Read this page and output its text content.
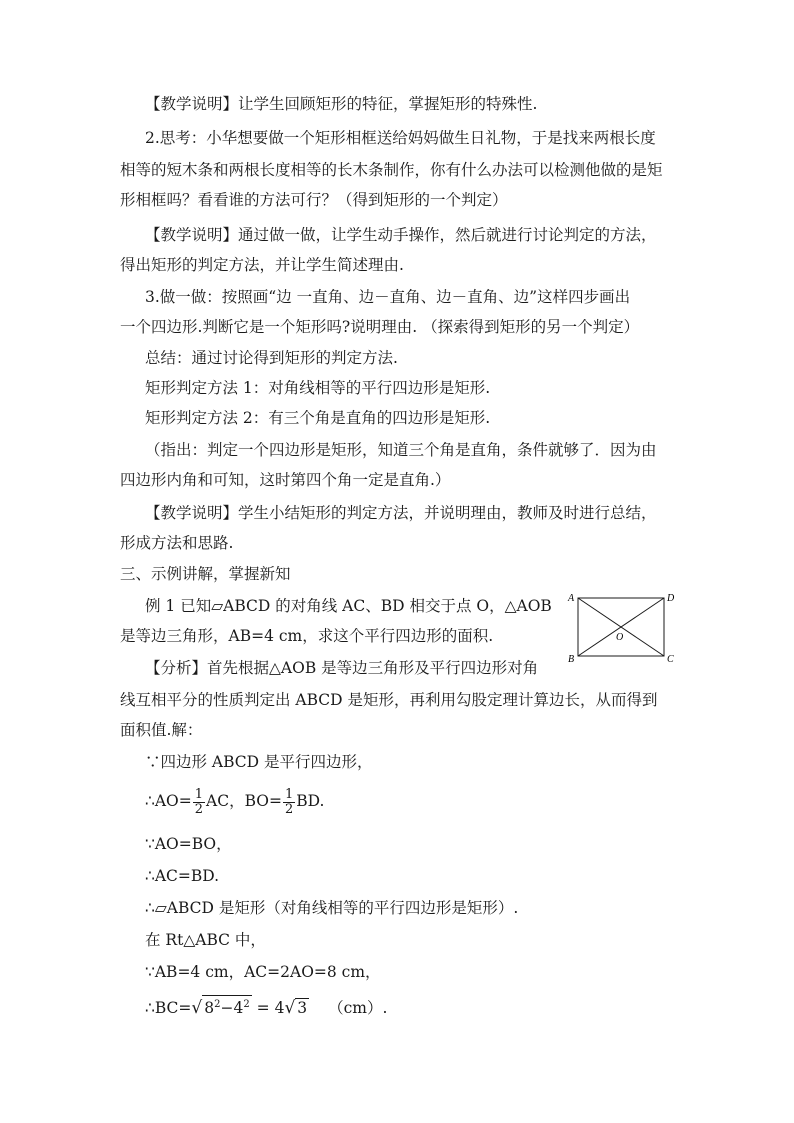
【教学说明】让学生回顾矩形的特征，掌握矩形的特殊性.
2.思考：小华想要做一个矩形相框送给妈妈做生日礼物，于是找来两根长度
相等的短木条和两根长度相等的长木条制作，你有什么办法可以检测他做的是矩
形相框吗？看看谁的方法可行？（得到矩形的一个判定）
【教学说明】通过做一做，让学生动手操作，然后就进行讨论判定的方法，
得出矩形的判定方法，并让学生简述理由.
3.做一做：按照画“边 一直角、边－直角、边－直角、边”这样四步画出
一个四边形.判断它是一个矩形吗?说明理由. （探索得到矩形的另一个判定）
总结：通过讨论得到矩形的判定方法.
矩形判定方法 1：对角线相等的平行四边形是矩形.
矩形判定方法 2：有三个角是直角的四边形是矩形.
（指出：判定一个四边形是矩形，知道三个角是直角，条件就够了．因为由
四边形内角和可知，这时第四个角一定是直角.）
【教学说明】学生小结矩形的判定方法，并说明理由，教师及时进行总结，
形成方法和思路.
三、示例讲解，掌握新知
例 1 已知▱ABCD 的对角线 AC、BD 相交于点 O，△AOB
是等边三角形，AB=4 cm，求这个平行四边形的面积.
【分析】首先根据△AOB 是等边三角形及平行四边形对角
线互相平分的性质判定出 ABCD 是矩形，再利用勾股定理计算边长，从而得到
面积值.解：
∵四边形 ABCD 是平行四边形，
∴AO= $\frac{1}{2}$ AC，$BO= \frac{1}{2}$ BD.
∵AO=BO，
∴AC=BD.
∴▱ABCD 是矩形（对角线相等的平行四边形是矩形）.
在 Rt△ABC 中，
∵AB=4 cm，AC=2AO=8 cm，
∴BC=√ $8^2-4^2 = 4√$ 3 （cm）.
A	D
B	C
O
